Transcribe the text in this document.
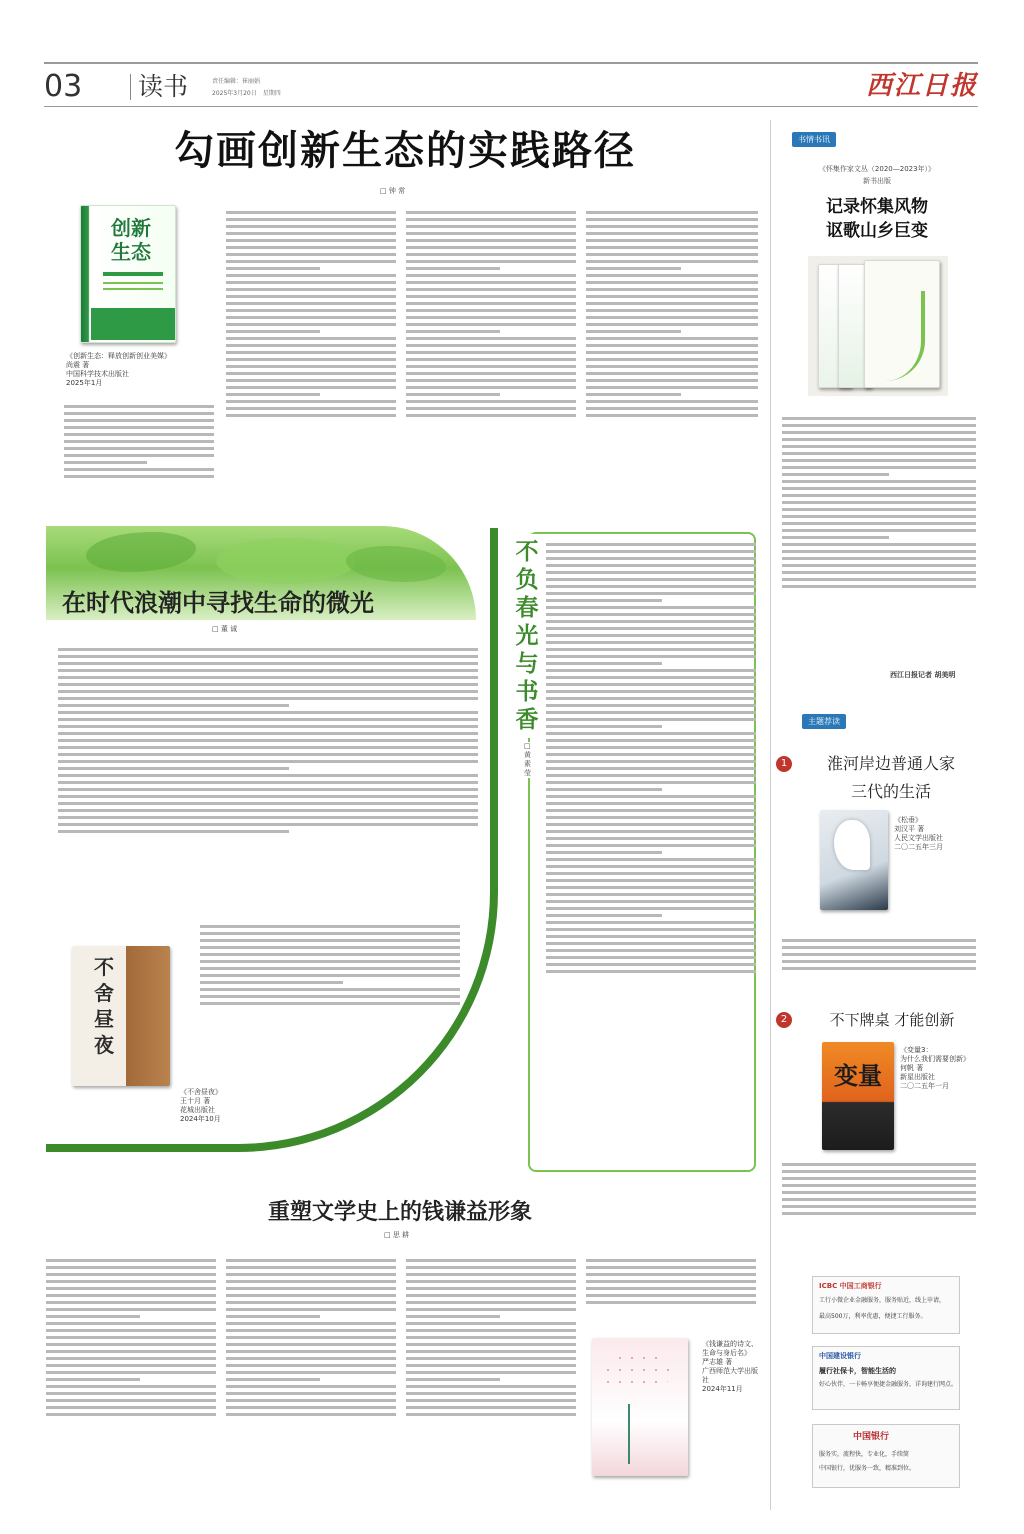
03 读书	责任编辑：崔丽娟
2025年3月20日　星期四	西江日报
勾画创新生态的实践路径
□ 钟 常
创新生态
《创新生态：释放创新创业美媒》
尚震 著
中国科学技术出版社
2025年1月
在时代浪潮中寻找生命的微光
□ 董 诚
不
舍
昼
夜
《不舍昼夜》
王十月 著
花城出版社
2024年10月
不负春光与书香
□ 黄素莹
重塑文学史上的钱谦益形象
□ 思 耕
《钱谦益的诗文、生命与身后名》
严志雄 著
广西师范大学出版社
2024年11月
书情书讯
《怀集作家文丛（2020—2023年）》
新书出版
记录怀集风物
讴歌山乡巨变
西江日报记者 胡美明
主题荐读
1	淮河岸边普通人家
三代的生活
《松垂》
刘汉平 著
人民文学出版社
二〇二五年三月
2	不下牌桌 才能创新
变量
《变量3：
为什么我们需要创新》
何帆 著
新星出版社
二〇二五年一月
ICBC 中国工商银行
工行小微企业金融服务，服务贴近，线上申请，
最高500万，利率优惠，便捷工行服务。
中国建设银行
履行社保卡，智能生活的
好心伙伴，一卡畅享便捷金融服务，详询建行网点。
中国银行
服务实，流程快，专业化，手续简
中国银行，优服务一致，精准到位。
